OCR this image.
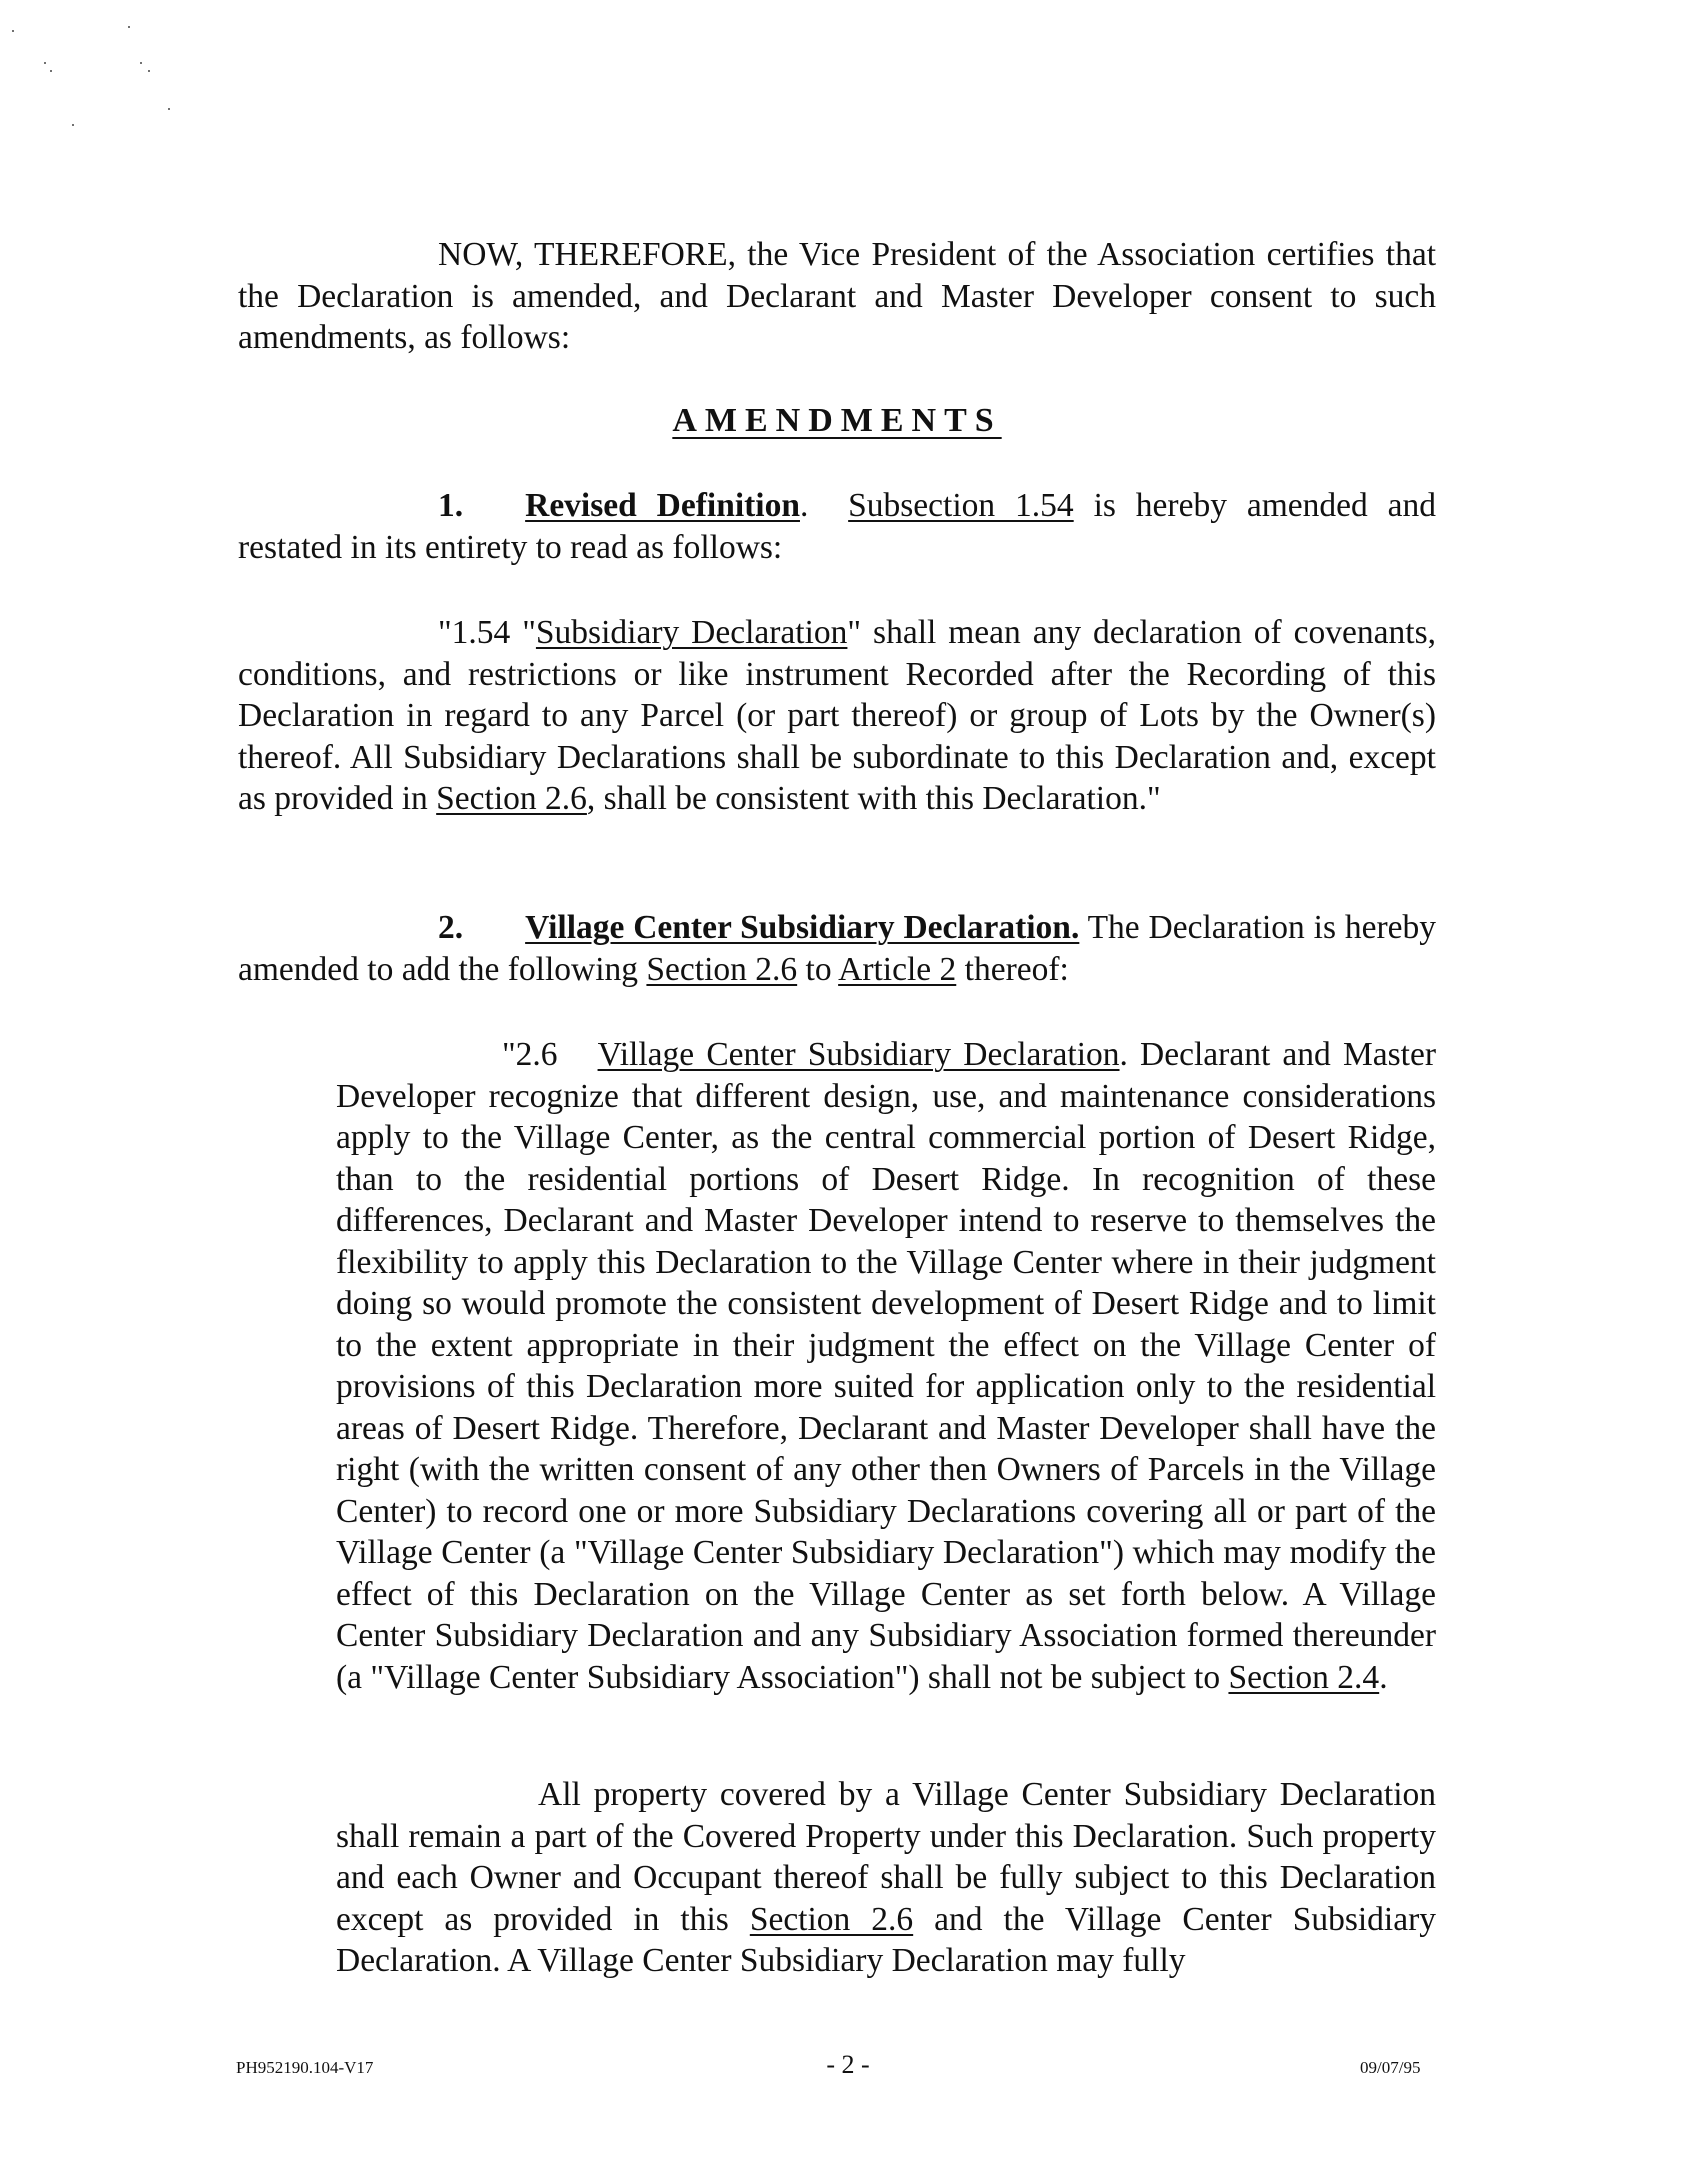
NOW, THEREFORE, the Vice President of the Association certifies that the Declaration is amended, and Declarant and Master Developer consent to such amendments, as follows:
AMENDMENTS
1. Revised Definition. Subsection 1.54 is hereby amended and restated in its entirety to read as follows:
"1.54 "Subsidiary Declaration" shall mean any declaration of covenants, conditions, and restrictions or like instrument Recorded after the Recording of this Declaration in regard to any Parcel (or part thereof) or group of Lots by the Owner(s) thereof. All Subsidiary Declarations shall be subordinate to this Declaration and, except as provided in Section 2.6, shall be consistent with this Declaration."
2. Village Center Subsidiary Declaration. The Declaration is hereby amended to add the following Section 2.6 to Article 2 thereof:
"2.6 Village Center Subsidiary Declaration. Declarant and Master Developer recognize that different design, use, and maintenance considerations apply to the Village Center, as the central commercial portion of Desert Ridge, than to the residential portions of Desert Ridge. In recognition of these differences, Declarant and Master Developer intend to reserve to themselves the flexibility to apply this Declaration to the Village Center where in their judgment doing so would promote the consistent development of Desert Ridge and to limit to the extent appropriate in their judgment the effect on the Village Center of provisions of this Declaration more suited for application only to the residential areas of Desert Ridge. Therefore, Declarant and Master Developer shall have the right (with the written consent of any other then Owners of Parcels in the Village Center) to record one or more Subsidiary Declarations covering all or part of the Village Center (a "Village Center Subsidiary Declaration") which may modify the effect of this Declaration on the Village Center as set forth below. A Village Center Subsidiary Declaration and any Subsidiary Association formed thereunder (a "Village Center Subsidiary Association") shall not be subject to Section 2.4.
All property covered by a Village Center Subsidiary Declaration shall remain a part of the Covered Property under this Declaration. Such property and each Owner and Occupant thereof shall be fully subject to this Declaration except as provided in this Section 2.6 and the Village Center Subsidiary Declaration. A Village Center Subsidiary Declaration may fully
PH952190.104-V17	- 2 -	09/07/95
